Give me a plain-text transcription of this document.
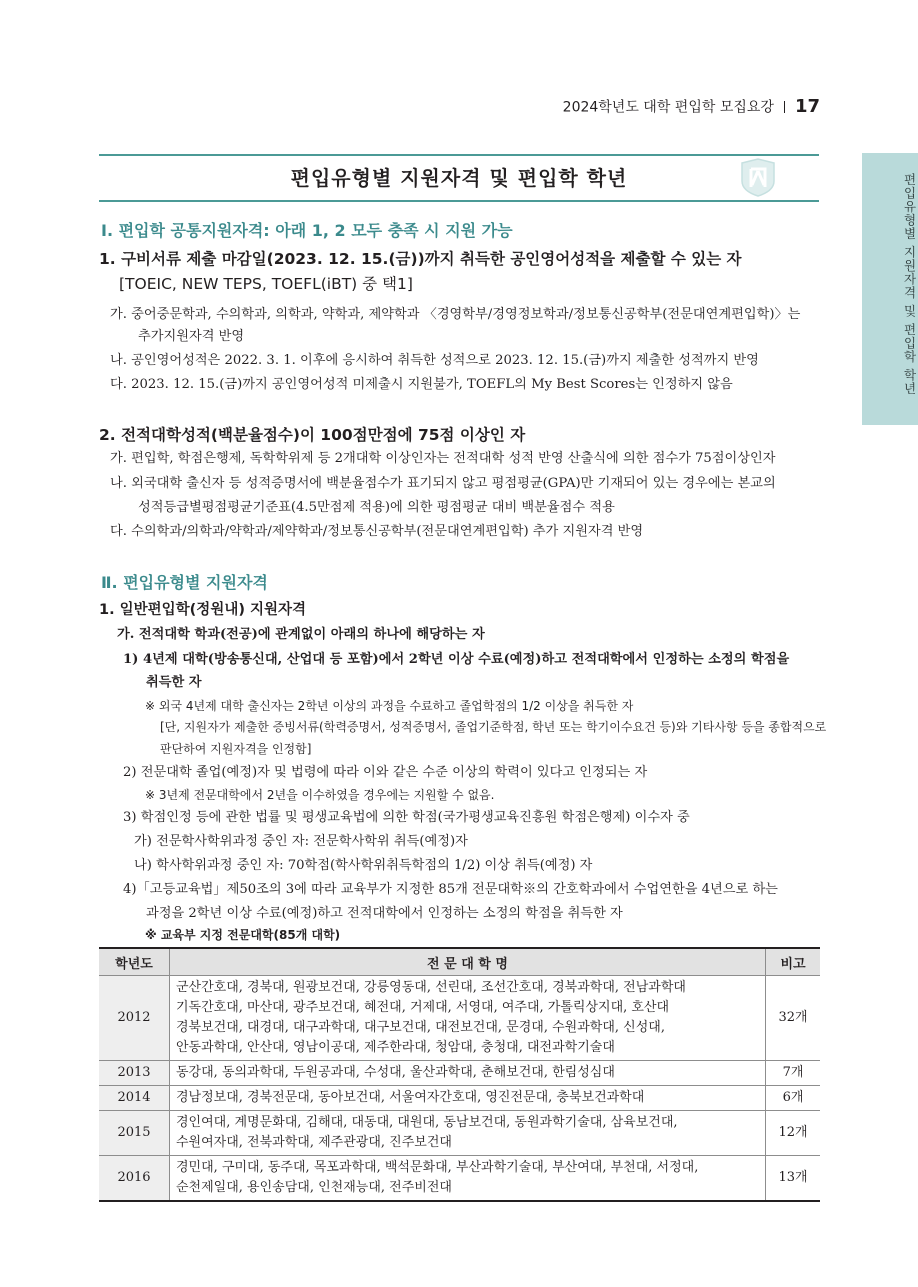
2024학년도 대학 편입학 모집요강 17
편입유형별 지원자격 및 편입학 학년
편입유형별 지원자격 및 편입학 학년
Ⅰ. 편입학 공통지원자격: 아래 1, 2 모두 충족 시 지원 가능
1. 구비서류 제출 마감일(2023. 12. 15.(금))까지 취득한 공인영어성적을 제출할 수 있는 자
[TOEIC, NEW TEPS, TOEFL(iBT) 중 택1]
가. 중어중문학과, 수의학과, 의학과, 약학과, 제약학과 〈경영학부/경영정보학과/정보통신공학부(전문대연계편입학)〉는
추가지원자격 반영
나. 공인영어성적은 2022. 3. 1. 이후에 응시하여 취득한 성적으로 2023. 12. 15.(금)까지 제출한 성적까지 반영
다. 2023. 12. 15.(금)까지 공인영어성적 미제출시 지원불가, TOEFL의 My Best Scores는 인정하지 않음
2. 전적대학성적(백분율점수)이 100점만점에 75점 이상인 자
가. 편입학, 학점은행제, 독학학위제 등 2개대학 이상인자는 전적대학 성적 반영 산출식에 의한 점수가 75점이상인자
나. 외국대학 출신자 등 성적증명서에 백분율점수가 표기되지 않고 평점평균(GPA)만 기재되어 있는 경우에는 본교의
성적등급별평점평균기준표(4.5만점제 적용)에 의한 평점평균 대비 백분율점수 적용
다. 수의학과/의학과/약학과/제약학과/정보통신공학부(전문대연계편입학) 추가 지원자격 반영
Ⅱ. 편입유형별 지원자격
1. 일반편입학(정원내) 지원자격
가. 전적대학 학과(전공)에 관계없이 아래의 하나에 해당하는 자
1) 4년제 대학(방송통신대, 산업대 등 포함)에서 2학년 이상 수료(예정)하고 전적대학에서 인정하는 소정의 학점을
취득한 자
※ 외국 4년제 대학 출신자는 2학년 이상의 과정을 수료하고 졸업학점의 1/2 이상을 취득한 자
[단, 지원자가 제출한 증빙서류(학력증명서, 성적증명서, 졸업기준학점, 학년 또는 학기이수요건 등)와 기타사항 등을 종합적으로
판단하여 지원자격을 인정함]
2) 전문대학 졸업(예정)자 및 법령에 따라 이와 같은 수준 이상의 학력이 있다고 인정되는 자
※ 3년제 전문대학에서 2년을 이수하였을 경우에는 지원할 수 없음.
3) 학점인정 등에 관한 법률 및 평생교육법에 의한 학점(국가평생교육진흥원 학점은행제) 이수자 중
가) 전문학사학위과정 중인 자: 전문학사학위 취득(예정)자
나) 학사학위과정 중인 자: 70학점(학사학위취득학점의 1/2) 이상 취득(예정) 자
4)「고등교육법」제50조의 3에 따라 교육부가 지정한 85개 전문대학※의 간호학과에서 수업연한을 4년으로 하는
과정을 2학년 이상 수료(예정)하고 전적대학에서 인정하는 소정의 학점을 취득한 자
※ 교육부 지정 전문대학(85개 대학)
학년도	전 문 대 학 명	비고
2012	군산간호대, 경북대, 원광보건대, 강릉영동대, 선린대, 조선간호대, 경북과학대, 전남과학대
기독간호대, 마산대, 광주보건대, 혜전대, 거제대, 서영대, 여주대, 가톨릭상지대, 호산대
경북보건대, 대경대, 대구과학대, 대구보건대, 대전보건대, 문경대, 수원과학대, 신성대,
안동과학대, 안산대, 영남이공대, 제주한라대, 청암대, 충청대, 대전과학기술대	32개
2013	동강대, 동의과학대, 두원공과대, 수성대, 울산과학대, 춘해보건대, 한림성심대	7개
2014	경남정보대, 경북전문대, 동아보건대, 서울여자간호대, 영진전문대, 충북보건과학대	6개
2015	경인여대, 계명문화대, 김해대, 대동대, 대원대, 동남보건대, 동원과학기술대, 삼육보건대,
수원여자대, 전북과학대, 제주관광대, 진주보건대	12개
2016	경민대, 구미대, 동주대, 목포과학대, 백석문화대, 부산과학기술대, 부산여대, 부천대, 서정대,
순천제일대, 용인송담대, 인천재능대, 전주비전대	13개
